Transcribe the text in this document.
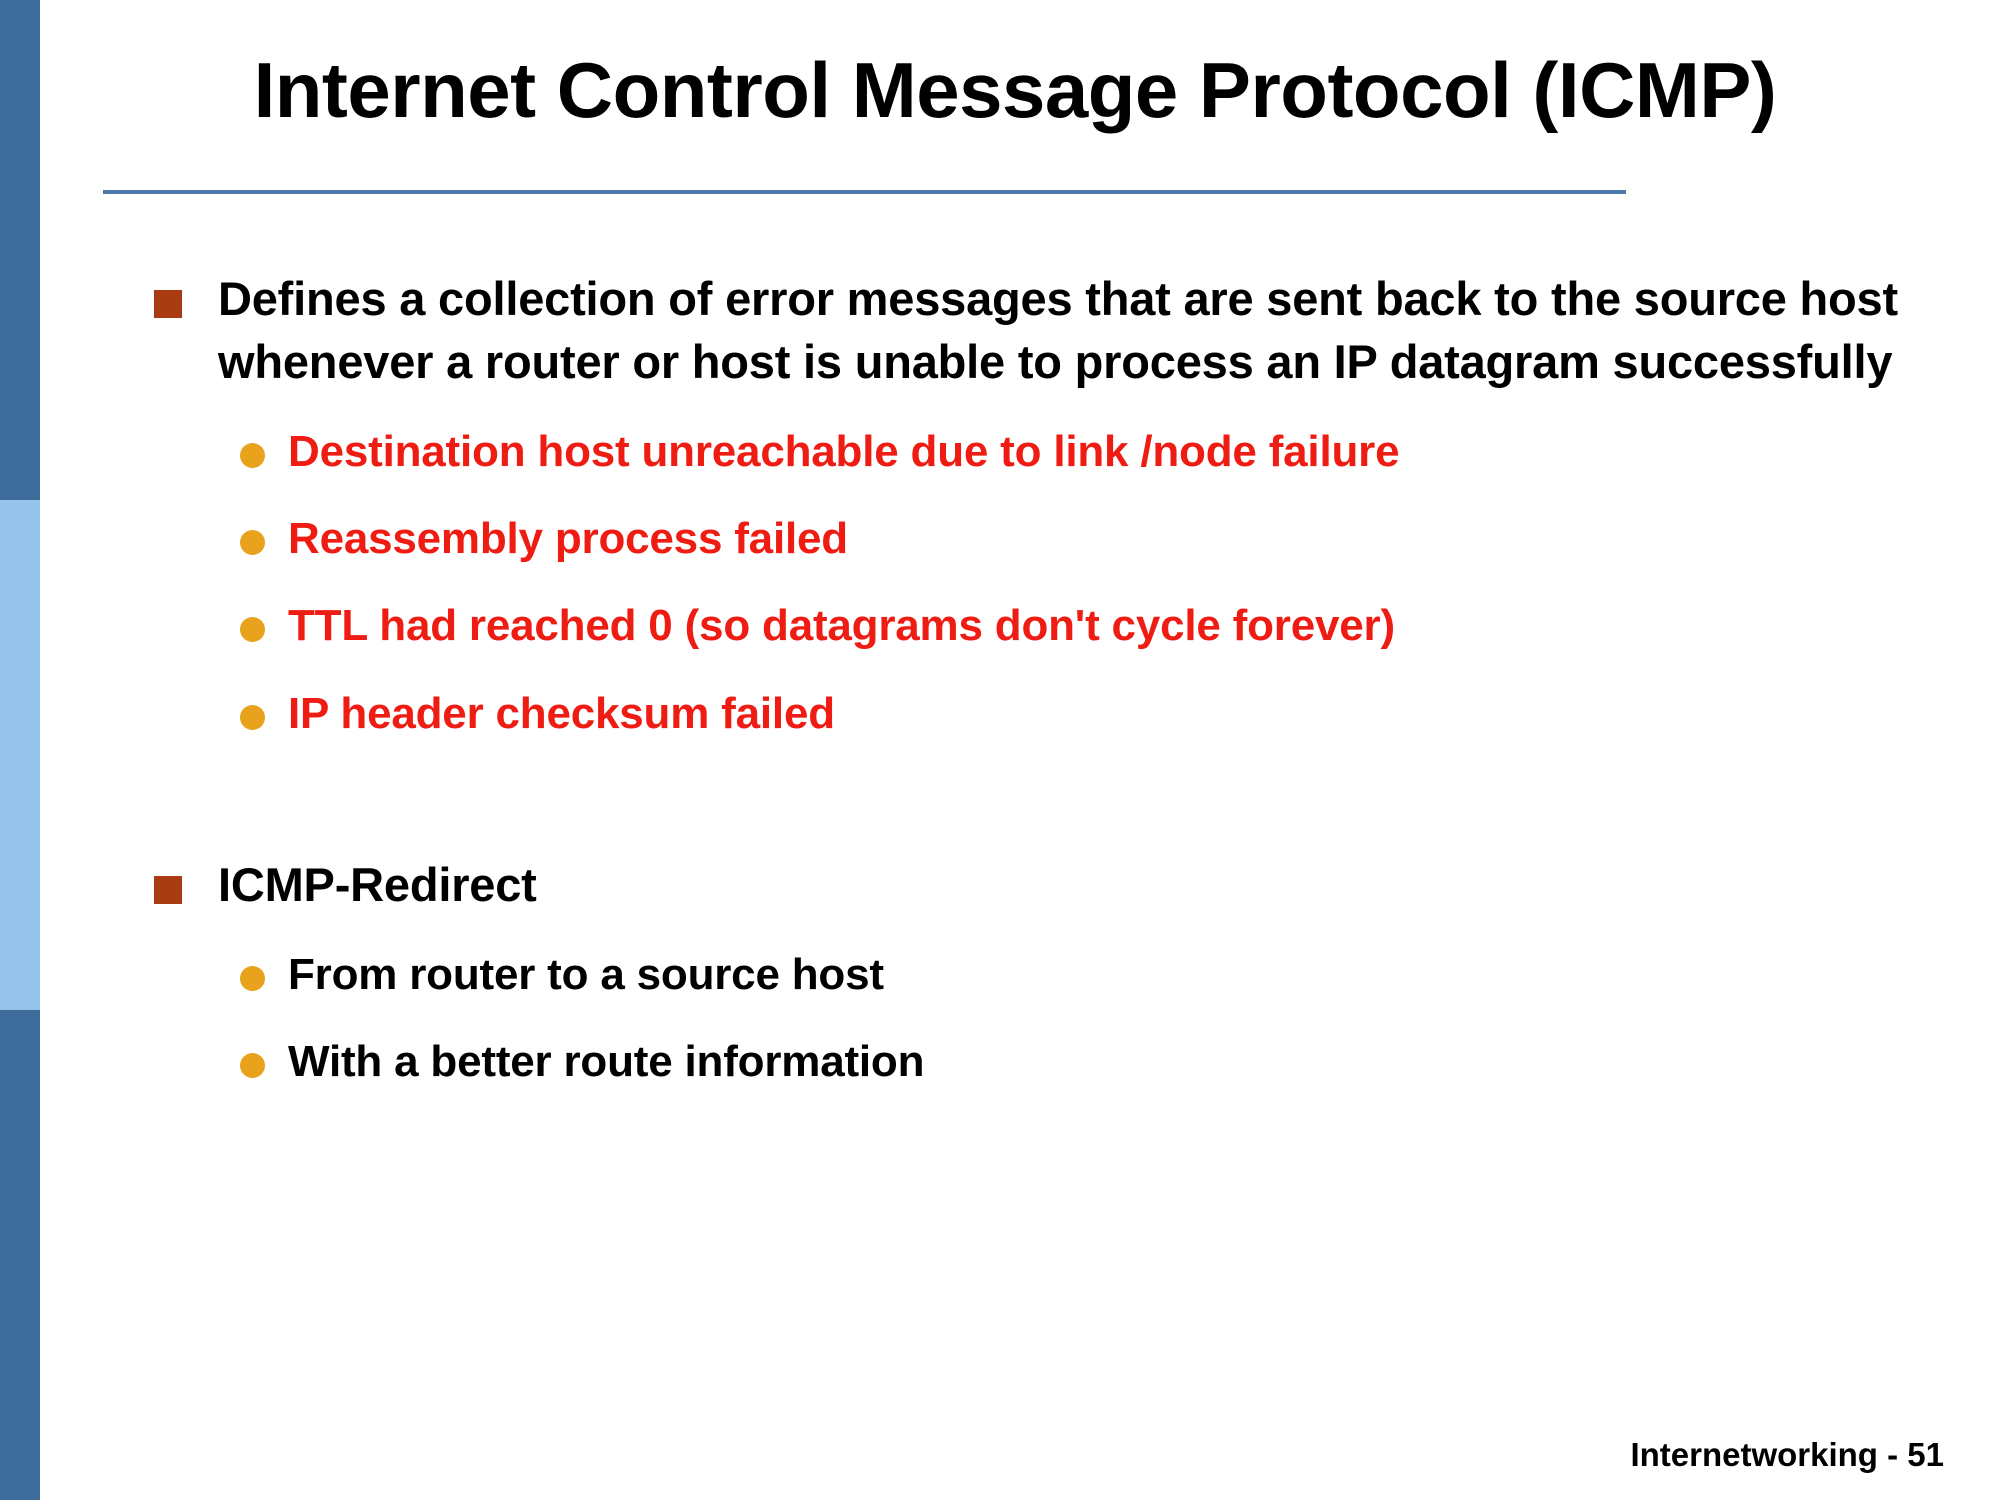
Internet Control Message Protocol (ICMP)
Defines a collection of error messages that are sent back to the source host whenever a router or host is unable to process an IP datagram successfully
Destination host unreachable due to link /node failure
Reassembly process failed
TTL had reached 0 (so datagrams don't cycle forever)
IP header checksum failed
ICMP-Redirect
From router to a source host
With a better route information
Internetworking - 51
